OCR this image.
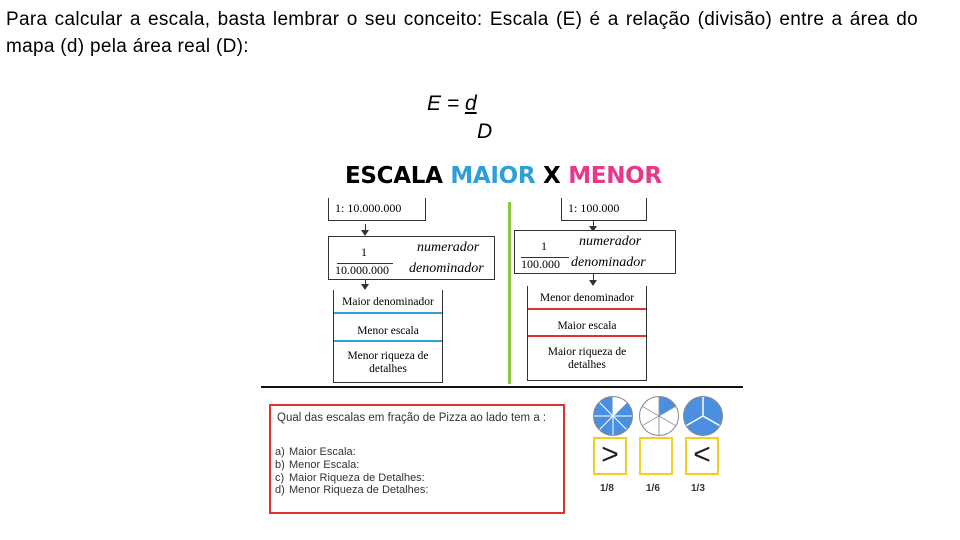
Para calcular a escala, basta lembrar o seu conceito: Escala (E) é a relação (divisão) entre a área do mapa (d) pela área real (D):
E = d
D
ESCALA MAIOR X MENOR
1: 10.000.000
1
10.000.000
numerador
denominador
Maior denominador
Menor escala
Menor riqueza de detalhes
1: 100.000
1
100.000
numerador
denominador
Menor denominador
Maior escala
Maior riqueza de detalhes
Qual das escalas em fração de Pizza ao lado tem a :
a) Maior Escala:
b) Menor Escala:
c) Maior Riqueza de Detalhes:
d) Menor Riqueza de Detalhes:
> <
1/8	1/6	1/3
